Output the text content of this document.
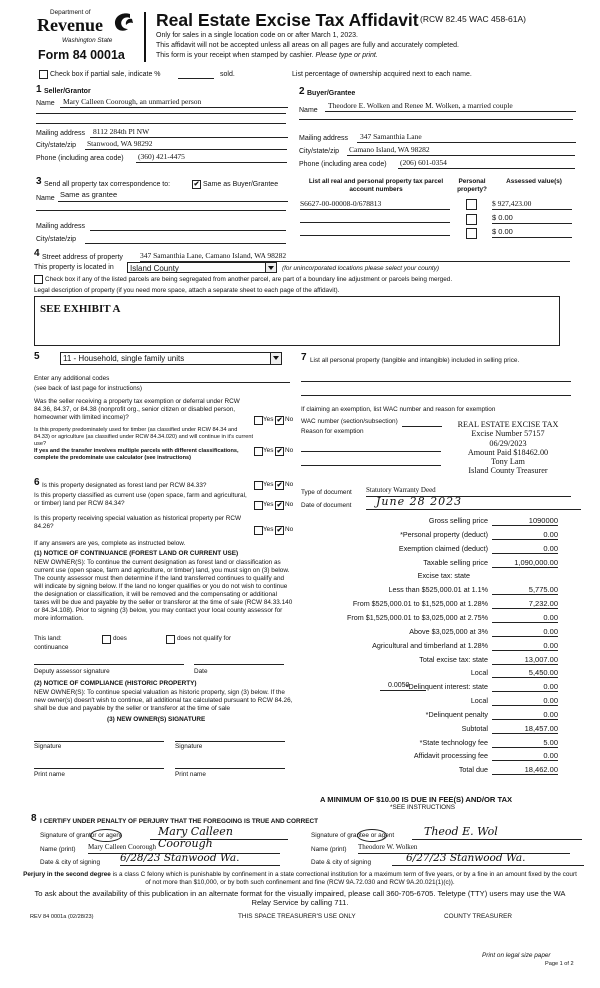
Department of
Revenue
Washington State
Form 84 0001a
Real Estate Excise Tax Affidavit (RCW 82.45 WAC 458-61A)
Only for sales in a single location code on or after March 1, 2023.
This affidavit will not be accepted unless all areas on all pages are fully and accurately completed.
This form is your receipt when stamped by cashier. Please type or print.
Check box if partial sale, indicate %	sold.	List percentage of ownership acquired next to each name.
1 Seller/Grantor
Name	Mary Calleen Coorough, an unmarried person
Mailing address	8112 284th Pl NW
City/state/zip Stanwood, WA 98292
Phone (including area code) (360) 421-4475
2 Buyer/Grantee
Name
Theodore E. Wolken and Renee M. Wolken, a married couple
Mailing address	347 Samanthia Lane
City/state/zip Camano Island, WA 98282
Phone (including area code) (206) 601-0354
3 Send all property tax correspondence to:	✔ Same as Buyer/Grantee
Name Same as grantee
Mailing address
City/state/zip
List all real and personal property tax parcel account numbers
Personal property?
Assessed value(s)
S6627-00-00008-0/678813	$ 927,423.00
$ 0.00
$ 0.00
4 Street address of property 347 Samanthia Lane, Camano Island, WA 98282
This property is located in	Island County	(for unincorporated locations please select your county)
Check box if any of the listed parcels are being segregated from another parcel, are part of a boundary line adjustment or parcels being merged.
Legal description of property (if you need more space, attach a separate sheet to each page of the affidavit).
SEE EXHIBIT A
5	11 - Household, single family units
Enter any additional codes
(see back of last page for instructions)
Was the seller receiving a property tax exemption or deferral under RCW 84.36, 84.37, or 84.38 (nonprofit org., senior citizen or disabled person, homeowner with limited income)?	Yes ✔ No
Is this property predominately used for timber (as classified under RCW 84.34 and 84.33) or agriculture (as classified under RCW 84.34.020) and will continue in it's current use?
If yes and the transfer involves multiple parcels with different classifications, complete the predominate use calculator (see instructions)
Yes ✔ No
6 Is this property designated as forest land per RCW 84.33?	Yes ✔ No
Is this property classified as current use (open space, farm and agricultural, or timber) land per RCW 84.34?	Yes ✔ No
Is this property receiving special valuation as historical property per RCW 84.26?	Yes ✔ No
If any answers are yes, complete as instructed below.
(1) NOTICE OF CONTINUANCE (FOREST LAND OR CURRENT USE)
NEW OWNER(S): To continue the current designation as forest land or classification as current use (open space, farm and agriculture, or timber) land, you must sign on (3) below. The county assessor must then determine if the land transferred continues to qualify and will indicate by signing below. If the land no longer qualifies or you do not wish to continue the designation or classification, it will be removed and the compensating or additional taxes will be due and payable by the seller or transferor at the time of sale (RCW 84.33.140 or 84.34.108). Prior to signing (3) below, you may contact your local county assessor for more information.
This land:
continuance
does	does not qualify for
Deputy assessor signature	Date
(2) NOTICE OF COMPLIANCE (HISTORIC PROPERTY)
NEW OWNER(S): To continue special valuation as historic property, sign (3) below. If the new owner(s) doesn't wish to continue, all additional tax calculated pursuant to RCW 84.26, shall be due and payable by the seller or transferor at the time of sale
(3) NEW OWNER(S) SIGNATURE
Signature	Signature
Print name	Print name
7 List all personal property (tangible and intangible) included in selling price.
If claiming an exemption, list WAC number and reason for exemption
WAC number (section/subsection)
Reason for exemption
REAL ESTATE EXCISE TAX
Excise Number 57157
06/29/2023
Amount Paid $18462.00
Tony Lam
Island County Treasurer
Type of document Statutory Warranty Deed
Date of document	June 28 2023
Gross selling price	1090000
*Personal property (deduct)	0.00
Exemption claimed (deduct)	0.00
Taxable selling price	1,090,000.00
Excise tax: state
Less than $525,000.01 at 1.1%	5,775.00
From $525,000.01 to $1,525,000 at 1.28%	7,232.00
From $1,525,000.01 to $3,025,000 at 2.75%	0.00
Above $3,025,000 at 3%	0.00
Agricultural and timberland at 1.28%	0.00
Total excise tax: state	13,007.00
Local	5,450.00
*Delinquent interest: state	0.00
Local	0.00
*Delinquent penalty	0.00
Subtotal	18,457.00
*State technology fee	5.00
Affidavit processing fee	0.00
Total due	18,462.00
0.0050
A MINIMUM OF $10.00 IS DUE IN FEE(S) AND/OR TAX
*SEE INSTRUCTIONS
8 I CERTIFY UNDER PENALTY OF PERJURY THAT THE FOREGOING IS TRUE AND CORRECT
Signature of grantor or agent	Mary Calleen Coorough
Name (print) Mary Calleen Coorough
Date & city of signing 6/28/23 Stanwood Wa.
Signature of grantee or agent	Theod E. Wol
Name (print) Theodore W. Wolken
Date & city of signing	6/27/23 Stanwood Wa.
Perjury in the second degree is a class C felony which is punishable by confinement in a state correctional institution for a maximum term of five years, or by a fine in an amount fixed by the court of not more than $10,000, or by both such confinement and fine (RCW 9A.72.030 and RCW 9A.20.021(1)(c)).
To ask about the availability of this publication in an alternate format for the visually impaired, please call 360-705-6705. Teletype (TTY) users may use the WA Relay Service by calling 711.
REV 84 0001a (02/28/23)	THIS SPACE TREASURER'S USE ONLY	COUNTY TREASURER
Print on legal size paper
Page 1 of 2
